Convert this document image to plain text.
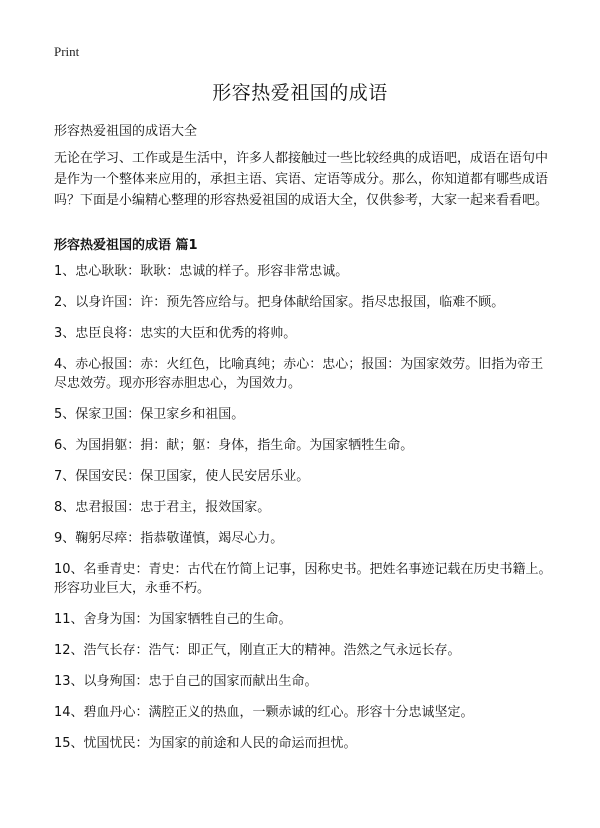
Print
形容热爱祖国的成语
形容热爱祖国的成语大全

无论在学习、工作或是生活中，许多人都接触过一些比较经典的成语吧，成语在语句中是作为一个整体来应用的，承担主语、宾语、定语等成分。那么，你知道都有哪些成语吗？下面是小编精心整理的形容热爱祖国的成语大全，仅供参考，大家一起来看看吧。

形容热爱祖国的成语 篇1
1、忠心耿耿：耿耿：忠诚的样子。形容非常忠诚。
2、以身许国：许：预先答应给与。把身体献给国家。指尽忠报国，临难不顾。
3、忠臣良将：忠实的大臣和优秀的将帅。
4、赤心报国：赤：火红色，比喻真纯；赤心：忠心；报国：为国家效劳。旧指为帝王尽忠效劳。现亦形容赤胆忠心，为国效力。
5、保家卫国：保卫家乡和祖国。
6、为国捐躯：捐：献；躯：身体，指生命。为国家牺牲生命。
7、保国安民：保卫国家，使人民安居乐业。
8、忠君报国：忠于君主，报效国家。
9、鞠躬尽瘁：指恭敬谨慎，竭尽心力。
10、名垂青史：青史：古代在竹简上记事，因称史书。把姓名事迹记载在历史书籍上。形容功业巨大，永垂不朽。
11、舍身为国：为国家牺牲自己的生命。
12、浩气长存：浩气：即正气，刚直正大的精神。浩然之气永远长存。
13、以身殉国：忠于自己的国家而献出生命。
14、碧血丹心：满腔正义的热血，一颗赤诚的红心。形容十分忠诚坚定。
15、忧国忧民：为国家的前途和人民的命运而担忧。
